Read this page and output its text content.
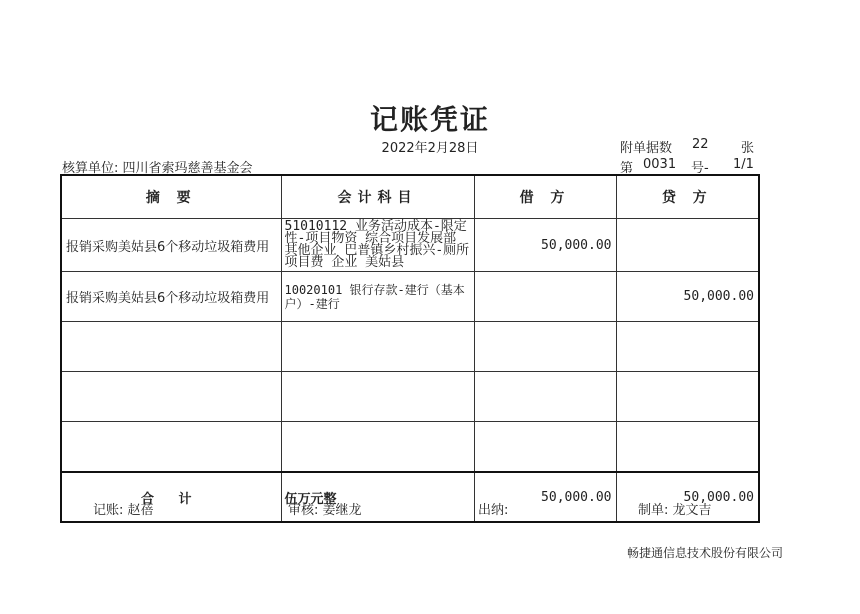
记账凭证
2022年2月28日	附单据数 22 张
核算单位: 四川省索玛慈善基金会	第 0031 号- 1/1
摘 要	会计科目	借 方	贷 方
报销采购美姑县6个移动垃圾箱费用	51010112 业务活动成本-限定性-项目物资 综合项目发展部 其他企业 巴普镇乡村振兴-厕所 项目费 企业 美姑县	50,000.00	
报销采购美姑县6个移动垃圾箱费用	10020101 银行存款-建行（基本户）-建行		50,000.00

合 计	伍万元整	50,000.00	50,000.00
记账: 赵蓓	审核: 姜继龙	出纳:	制单: 龙文吉
畅捷通信息技术股份有限公司
